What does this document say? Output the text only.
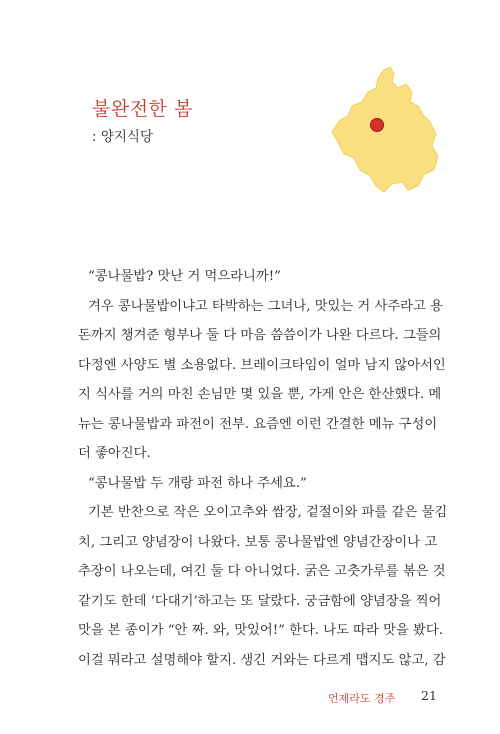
불완전한 봄
: 양지식당
“콩나물밥? 맛난 거 먹으라니까!”
겨우 콩나물밥이냐고 타박하는 그녀나, 맛있는 거 사주라고 용
돈까지 챙겨준 형부나 둘 다 마음 씀씀이가 나완 다르다. 그들의
다정엔 사양도 별 소용없다. 브레이크타임이 얼마 남지 않아서인
지 식사를 거의 마친 손님만 몇 있을 뿐, 가게 안은 한산했다. 메
뉴는 콩나물밥과 파전이 전부. 요즘엔 이런 간결한 메뉴 구성이
더 좋아진다.
“콩나물밥 두 개랑 파전 하나 주세요.”
기본 반찬으로 작은 오이고추와 쌈장, 겉절이와 파를 같은 물김
치, 그리고 양념장이 나왔다. 보통 콩나물밥엔 양념간장이나 고
추장이 나오는데, 여긴 둘 다 아니었다. 굵은 고춧가루를 볶은 것
같기도 한데 ‘다대기’하고는 또 달랐다. 궁금함에 양념장을 찍어
맛을 본 종이가 “안 짜. 와, 맛있어!” 한다. 나도 따라 맛을 봤다.
이걸 뭐라고 설명해야 할지. 생긴 거와는 다르게 맵지도 않고, 감
언제라도 경주 21
